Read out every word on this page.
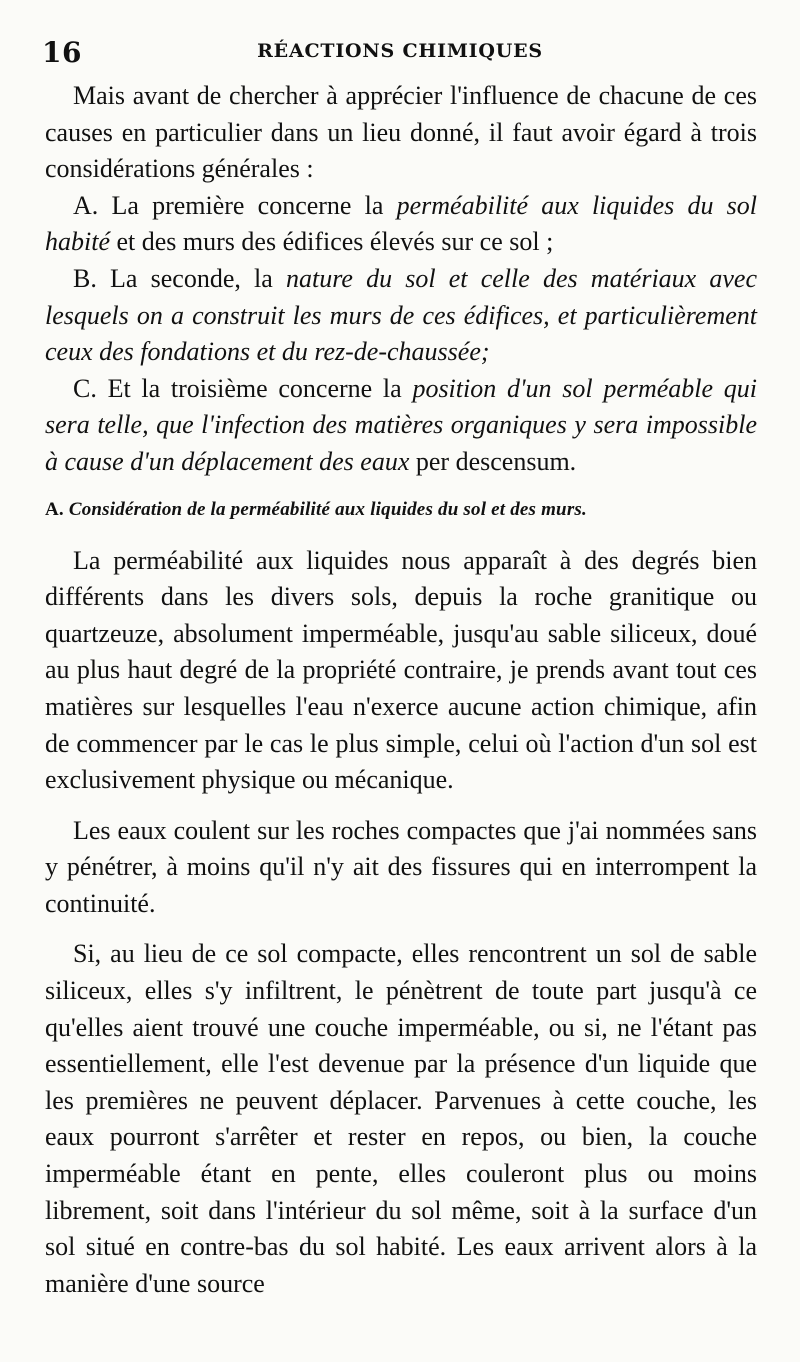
16	RÉACTIONS CHIMIQUES

Mais avant de chercher à apprécier l'influence de chacune de ces causes en particulier dans un lieu donné, il faut avoir égard à trois considérations générales :

A. La première concerne la perméabilité aux liquides du sol habité et des murs des édifices élevés sur ce sol ;

B. La seconde, la nature du sol et celle des matériaux avec lesquels on a construit les murs de ces édifices, et particulièrement ceux des fondations et du rez-de-chaussée;

C. Et la troisième concerne la position d'un sol perméable qui sera telle, que l'infection des matières organiques y sera impossible à cause d'un déplacement des eaux per descensum.

A. Considération de la perméabilité aux liquides du sol et des murs.

La perméabilité aux liquides nous apparaît à des degrés bien différents dans les divers sols, depuis la roche granitique ou quartzeuze, absolument imperméable, jusqu'au sable siliceux, doué au plus haut degré de la propriété contraire, je prends avant tout ces matières sur lesquelles l'eau n'exerce aucune action chimique, afin de commencer par le cas le plus simple, celui où l'action d'un sol est exclusivement physique ou mécanique.

Les eaux coulent sur les roches compactes que j'ai nommées sans y pénétrer, à moins qu'il n'y ait des fissures qui en interrompent la continuité.

Si, au lieu de ce sol compacte, elles rencontrent un sol de sable siliceux, elles s'y infiltrent, le pénètrent de toute part jusqu'à ce qu'elles aient trouvé une couche imperméable, ou si, ne l'étant pas essentiellement, elle l'est devenue par la présence d'un liquide que les premières ne peuvent déplacer. Parvenues à cette couche, les eaux pourront s'arrêter et rester en repos, ou bien, la couche imperméable étant en pente, elles couleront plus ou moins librement, soit dans l'intérieur du sol même, soit à la surface d'un sol situé en contre-bas du sol habité. Les eaux arrivent alors à la manière d'une source
